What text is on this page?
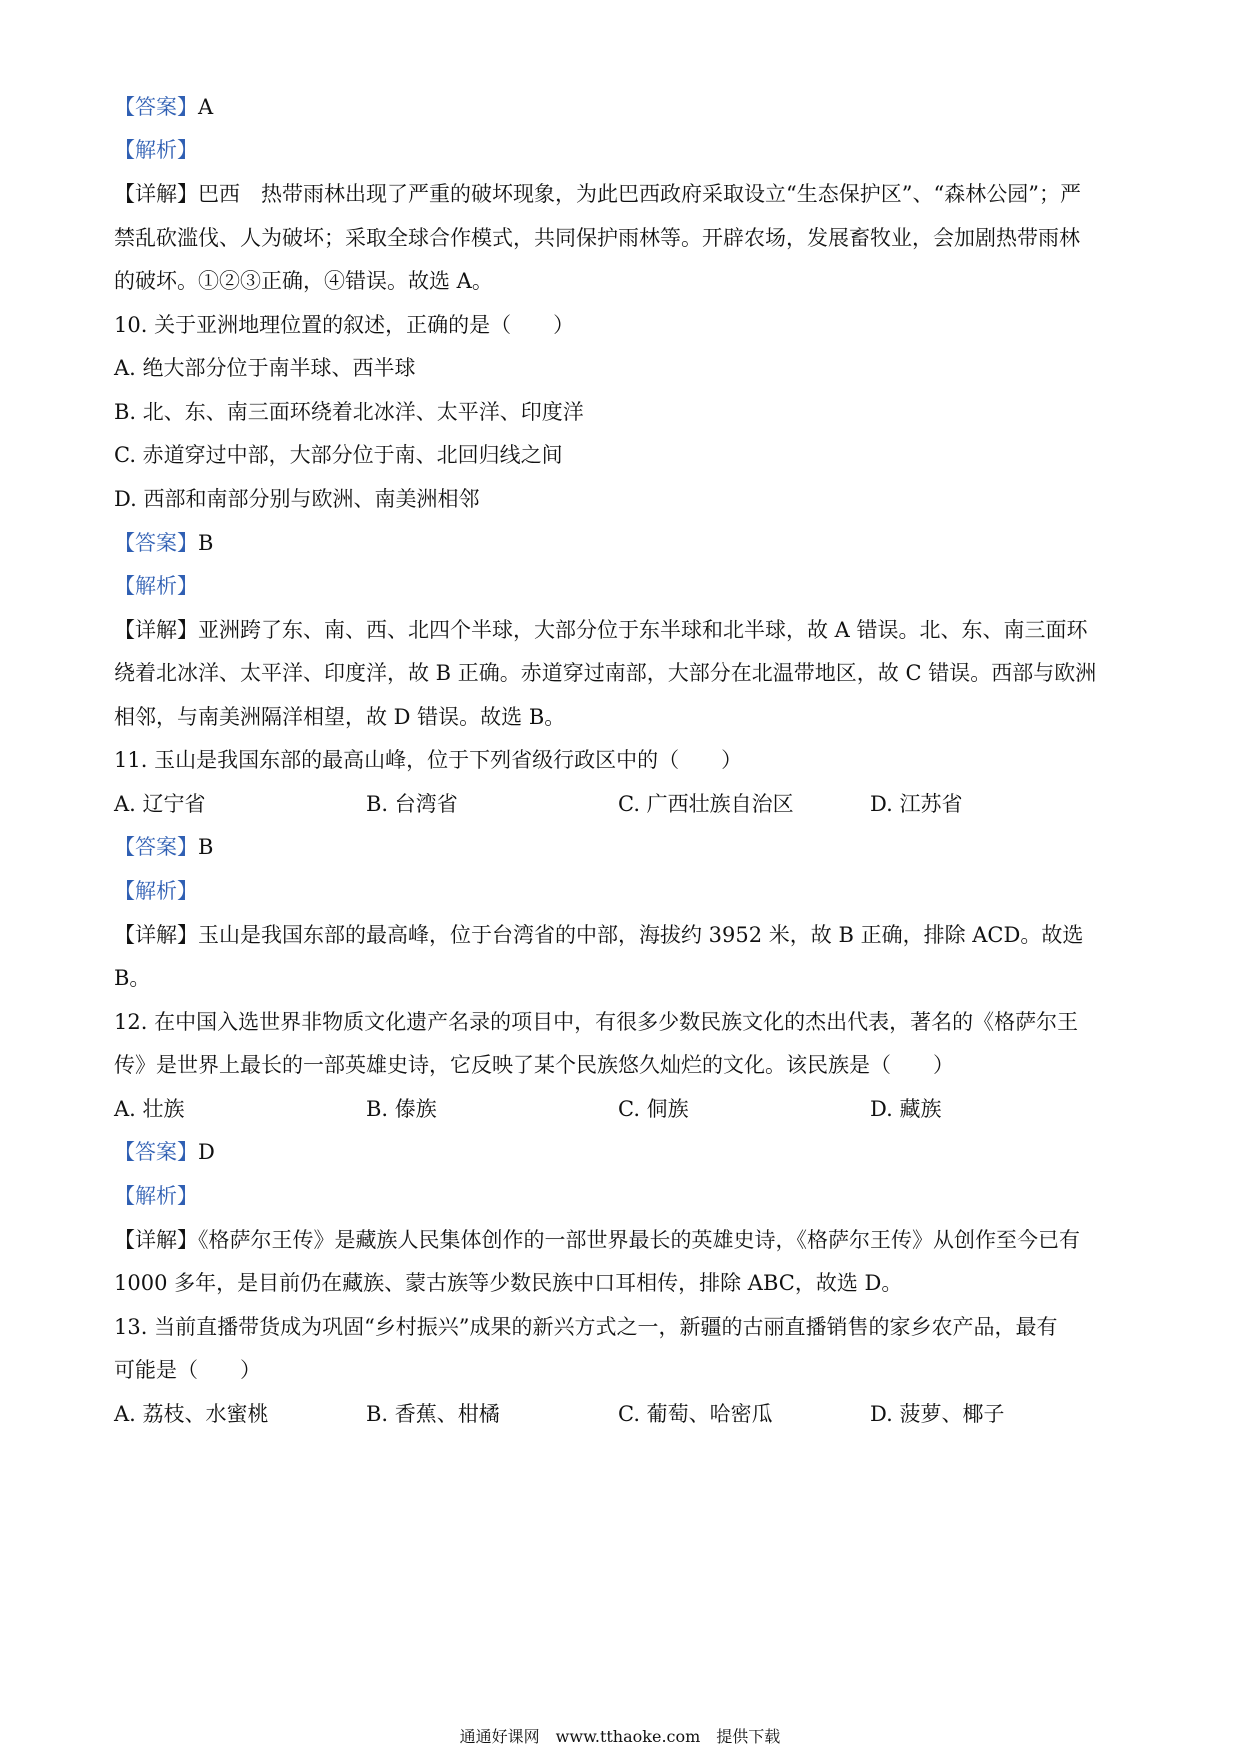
【答案】A
【解析】
【详解】巴西　热带雨林出现了严重的破坏现象，为此巴西政府采取设立“生态保护区”、“森林公园”；严
禁乱砍滥伐、人为破坏；采取全球合作模式，共同保护雨林等。开辟农场，发展畜牧业，会加剧热带雨林
的破坏。①②③正确，④错误。故选 A。
10. 关于亚洲地理位置的叙述，正确的是（　　）
A. 绝大部分位于南半球、西半球
B. 北、东、南三面环绕着北冰洋、太平洋、印度洋
C. 赤道穿过中部，大部分位于南、北回归线之间
D. 西部和南部分别与欧洲、南美洲相邻
【答案】B
【解析】
【详解】亚洲跨了东、南、西、北四个半球，大部分位于东半球和北半球，故 A 错误。北、东、南三面环
绕着北冰洋、太平洋、印度洋，故 B 正确。赤道穿过南部，大部分在北温带地区，故 C 错误。西部与欧洲
相邻，与南美洲隔洋相望，故 D 错误。故选 B。
11. 玉山是我国东部的最高山峰，位于下列省级行政区中的（　　）
A. 辽宁省	B. 台湾省	C. 广西壮族自治区	D. 江苏省
【答案】B
【解析】
【详解】玉山是我国东部的最高峰，位于台湾省的中部，海拔约 3952 米，故 B 正确，排除 ACD。故选
B。
12. 在中国入选世界非物质文化遗产名录的项目中，有很多少数民族文化的杰出代表，著名的《格萨尔王
传》是世界上最长的一部英雄史诗，它反映了某个民族悠久灿烂的文化。该民族是（　　）
A. 壮族	B. 傣族	C. 侗族	D. 藏族
【答案】D
【解析】
【详解】《格萨尔王传》是藏族人民集体创作的一部世界最长的英雄史诗，《格萨尔王传》从创作至今已有
1000 多年，是目前仍在藏族、蒙古族等少数民族中口耳相传，排除 ABC，故选 D。
13. 当前直播带货成为巩固“乡村振兴”成果的新兴方式之一，新疆的古丽直播销售的家乡农产品，最有
可能是（　　）
A. 荔枝、水蜜桃	B. 香蕉、柑橘	C. 葡萄、哈密瓜	D. 菠萝、椰子
通通好课网　www.tthaoke.com　提供下载
